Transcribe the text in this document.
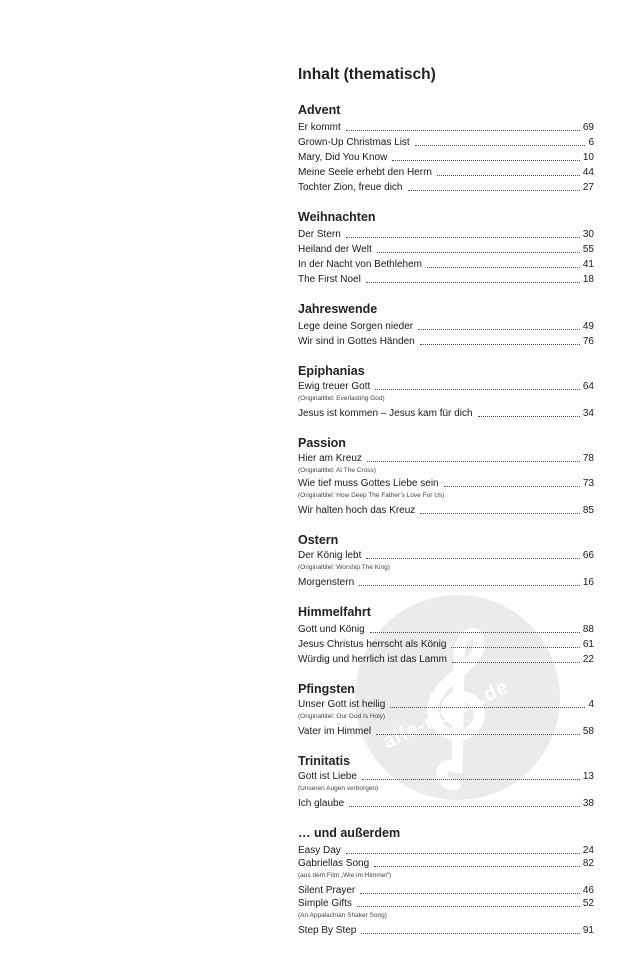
alle-noten.de
Inhalt (thematisch)
Advent
Er kommt	69
Grown-Up Christmas List	6
Mary, Did You Know	10
Meine Seele erhebt den Herrn	44
Tochter Zion, freue dich	27
Weihnachten
Der Stern	30
Heiland der Welt	55
In der Nacht von Bethlehem	41
The First Noel	18
Jahreswende
Lege deine Sorgen nieder	49
Wir sind in Gottes Händen	76
Epiphanias
Ewig treuer Gott	64
(Originaltitel: Everlasting God)
Jesus ist kommen – Jesus kam für dich	34
Passion
Hier am Kreuz	78
(Originaltitel: At The Cross)
Wie tief muss Gottes Liebe sein	73
(Originaltitel: How Deep The Father’s Love For Us)
Wir halten hoch das Kreuz	85
Ostern
Der König lebt	66
(Originaltitel: Worship The King)
Morgenstern	16
Himmelfahrt
Gott und König	88
Jesus Christus herrscht als König	61
Würdig und herrlich ist das Lamm	22
Pfingsten
Unser Gott ist heilig	4
(Originaltitel: Our God Is Holy)
Vater im Himmel	58
Trinitatis
Gott ist Liebe	13
(Unseren Augen verborgen)
Ich glaube	38
… und außerdem
Easy Day	24
Gabriellas Song	82
(aus dem Film „Wie im Himmel“)
Silent Prayer	46
Simple Gifts	52
(An Appalachian Shaker Song)
Step By Step	91
